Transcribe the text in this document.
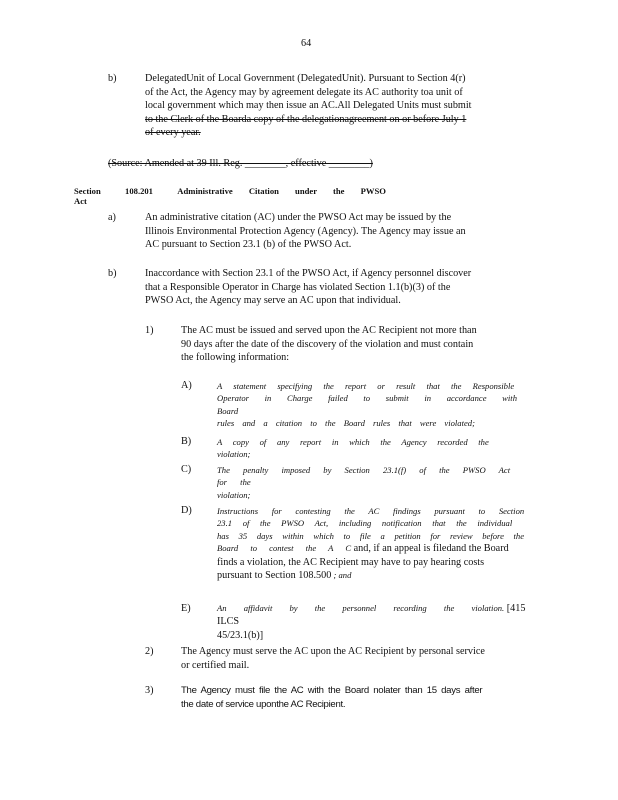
64
b)	DelegatedUnit of Local Government (DelegatedUnit). Pursuant to Section 4(r)
of the Act, the Agency may by agreement delegate its AC authority toa unit of
local government which may then issue an AC.All Delegated Units must submit
to the Clerk of the Boarda copy of the delegationagreement on or before July 1
of every year.
(Source: Amended at 39 Ill. Reg. ________, effective ________)
Section	108.201	Administrative Citation under the PWSO Act
a)	An administrative citation (AC) under the PWSO Act may be issued by the
Illinois Environmental Protection Agency (Agency). The Agency may issue an
AC pursuant to Section 23.1 (b) of the PWSO Act.
b)	Inaccordance with Section 23.1 of the PWSO Act, if Agency personnel discover
that a Responsible Operator in Charge has violated Section 1.1(b)(3) of the
PWSO Act, the Agency may serve an AC upon that individual.
1)	The AC must be issued and served upon the AC Recipient not more than
90 days after the date of the discovery of the violation and must contain
the following information:
A)	A statement specifying the report or result that the Responsible
Operator in Charge failed to submit in accordance with Board
rules and a citation to the Board rules that were violated;
B)	A copy of any report in which the Agency recorded the violation;
C)	The penalty imposed by Section 23.1(f) of the PWSO Act for the
violation;
D)	Instructions for contesting the AC findings pursuant to Section
23.1 of the PWSO Act, including notification that the individual
has 35 days within which to file a petition for review before the
Board to contest the A C and, if an appeal is filedand the Board
finds a violation, the AC Recipient may have to pay hearing costs
pursuant to Section 108.500 ; and
E)	An affidavit by the personnel recording the violation. [415 ILCS
45/23.1(b)]
2)	The Agency must serve the AC upon the AC Recipient by personal service
or certified mail.
3)	The Agency must file the AC with the Board nolater than 15 days after
the date of service uponthe AC Recipient.
